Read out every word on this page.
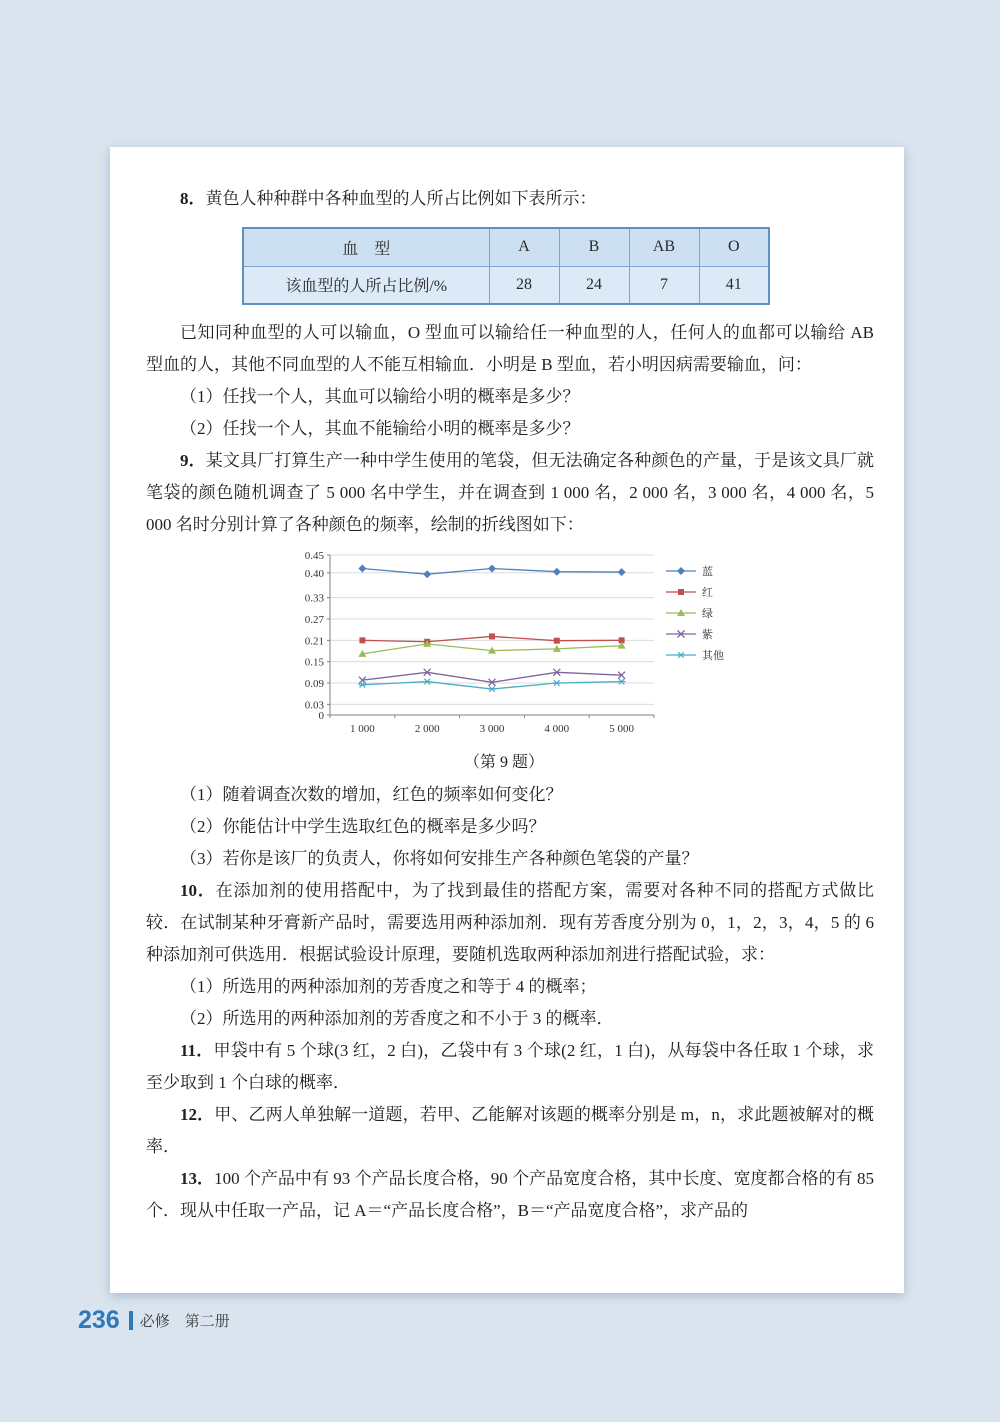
8．黄色人种种群中各种血型的人所占比例如下表所示：

血　型	A	B	AB	O
该血型的人所占比例/%	28	24	7	41

已知同种血型的人可以输血，O 型血可以输给任一种血型的人，任何人的血都可以输给 AB 型血的人，其他不同血型的人不能互相输血．小明是 B 型血，若小明因病需要输血，问：

（1）任找一个人，其血可以输给小明的概率是多少？

（2）任找一个人，其血不能输给小明的概率是多少？

9．某文具厂打算生产一种中学生使用的笔袋，但无法确定各种颜色的产量，于是该文具厂就笔袋的颜色随机调查了 5 000 名中学生，并在调查到 1 000 名，2 000 名，3 000 名，4 000 名，5 000 名时分别计算了各种颜色的频率，绘制的折线图如下：

0
0.03
0.09
0.15
0.21
0.27
0.33
0.40
0.45
1 000	2 000	3 000	4 000	5 000
蓝
红
绿
紫
其他

（第 9 题）

（1）随着调查次数的增加，红色的频率如何变化？

（2）你能估计中学生选取红色的概率是多少吗？

（3）若你是该厂的负责人，你将如何安排生产各种颜色笔袋的产量？

10．在添加剂的使用搭配中，为了找到最佳的搭配方案，需要对各种不同的搭配方式做比较．在试制某种牙膏新产品时，需要选用两种添加剂．现有芳香度分别为 0，1，2，3，4，5 的 6 种添加剂可供选用．根据试验设计原理，要随机选取两种添加剂进行搭配试验，求：

（1）所选用的两种添加剂的芳香度之和等于 4 的概率；

（2）所选用的两种添加剂的芳香度之和不小于 3 的概率．

11．甲袋中有 5 个球(3 红，2 白)，乙袋中有 3 个球(2 红，1 白)，从每袋中各任取 1 个球，求至少取到 1 个白球的概率．

12．甲、乙两人单独解一道题，若甲、乙能解对该题的概率分别是 m，n，求此题被解对的概率．

13．100 个产品中有 93 个产品长度合格，90 个产品宽度合格，其中长度、宽度都合格的有 85 个．现从中任取一产品，记 A＝“产品长度合格”，B＝“产品宽度合格”，求产品的

236 必修　第二册
